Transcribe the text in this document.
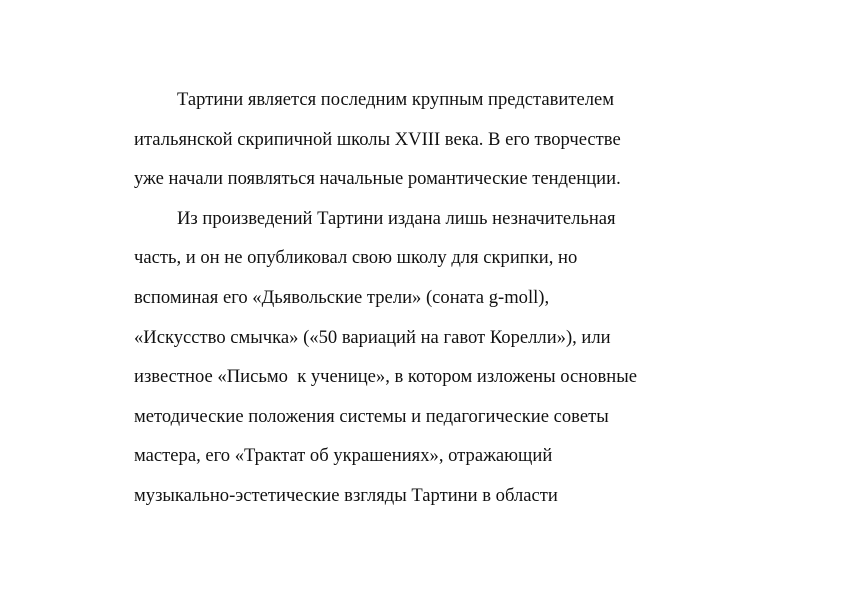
Тартини является последним крупным представителем
итальянской скрипичной школы XVIII века. В его творчестве
уже начали появляться начальные романтические тенденции.
Из произведений Тартини издана лишь незначительная
часть, и он не опубликовал свою школу для скрипки, но
вспоминая его «Дьявольские трели» (соната g-moll),
«Искусство смычка» («50 вариаций на гавот Корелли»), или
известное «Письмо  к ученице», в котором изложены основные
методические положения системы и педагогические советы
мастера, его «Трактат об украшениях», отражающий
музыкально-эстетические взгляды Тартини в области
